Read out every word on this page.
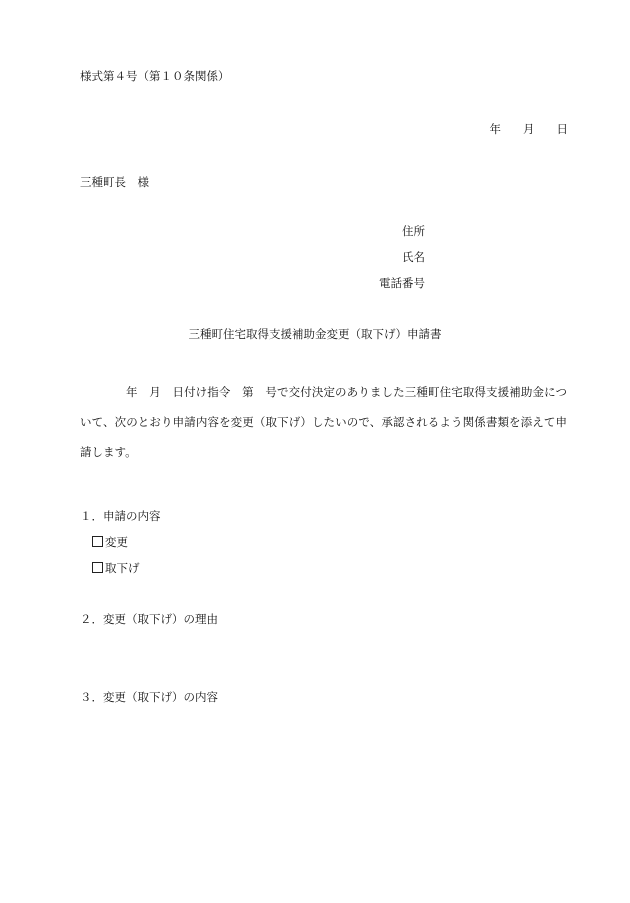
様式第４号（第１０条関係）
年 月 日
三種町長　様
住所
氏名
電話番号
三種町住宅取得支援補助金変更（取下げ）申請書
年　月　日付け指令　第　号で交付決定のありました三種町住宅取得支援補助金について、次のとおり申請内容を変更（取下げ）したいので、承認されるよう関係書類を添えて申請します。
１．申請の内容
変更
取下げ
２．変更（取下げ）の理由
３．変更（取下げ）の内容
